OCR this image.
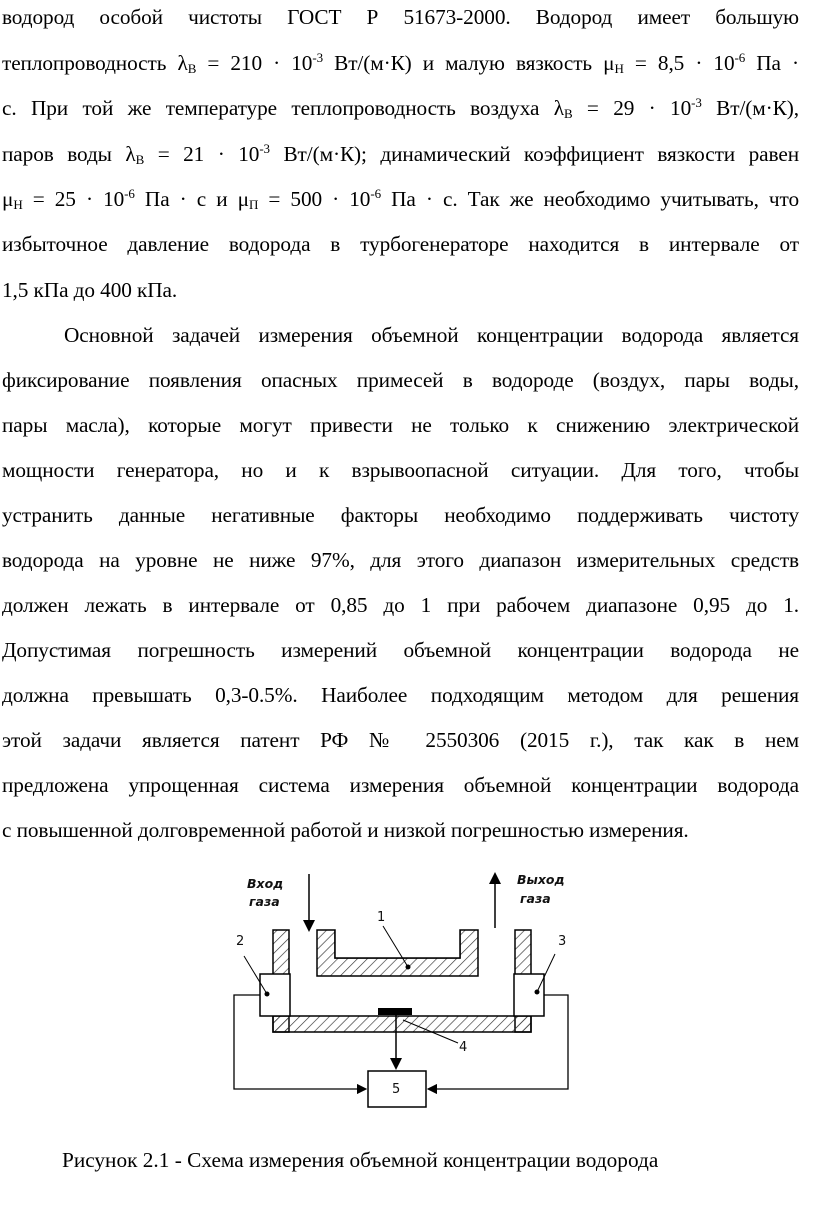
водород особой чистоты ГОСТ Р 51673-2000. Водород имеет большую
теплопроводность $\lambda_B = 210 \cdot 10^{-3}$ Вт/(м·К) и малую вязкость $\mu_H = 8,5 \cdot 10^{-6}$ Па ·
с. При той же температуре теплопроводность воздуха $\lambda_B = 29 \cdot 10^{-3}$ Вт/(м·К),
паров воды $\lambda_B = 21 \cdot 10^{-3}$ Вт/(м·К); динамический коэффициент вязкости равен
$\mu_H = 25 \cdot 10^{-6}$ Па · с и $\mu_П = 500 \cdot 10^{-6}$ Па · с. Так же необходимо учитывать, что
избыточное давление водорода в турбогенераторе находится в интервале от
1,5 кПа до 400 кПа.
Основной задачей измерения объемной концентрации водорода является
фиксирование появления опасных примесей в водороде (воздух, пары воды,
пары масла), которые могут привести не только к снижению электрической
мощности генератора, но и к взрывоопасной ситуации. Для того, чтобы
устранить данные негативные факторы необходимо поддерживать чистоту
водорода на уровне не ниже 97%, для этого диапазон измерительных средств
должен лежать в интервале от 0,85 до 1 при рабочем диапазоне 0,95 до 1.
Допустимая погрешность измерений объемной концентрации водорода не
должна превышать 0,3-0.5%. Наиболее подходящим методом для решения
этой задачи является патент РФ № 2550306 (2015 г.), так как в нем
предложена упрощенная система измерения объемной концентрации водорода
с повышенной долговременной работой и низкой погрешностью измерения.
Вход
газа
Выход
газа
1
2	3
4
5
Рисунок 2.1 - Схема измерения объемной концентрации водорода
